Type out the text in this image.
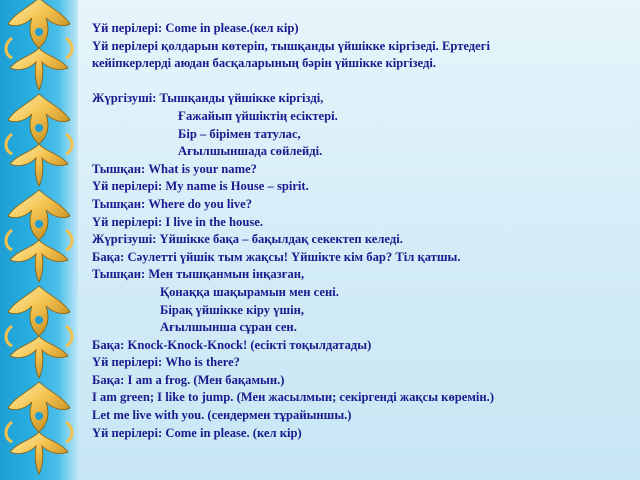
Үй перілері: Come in please.(кел кір)
Үй перілері қолдарын көтеріп, тышқанды үйшікке кіргізеді. Ертедегі
кейіпкерлерді аюдан басқаларының бәрін үйшікке кіргізеді.
Жүргізуші: Тышқанды үйшікке кіргізді,
Ғажайып үйшіктің есіктері.
Бір – бірімен татулас,
Ағылшыншада сөйлейді.
Тышқан: What is your name?
Үй перілері: My name is House – spirit.
Тышқан: Where do you live?
Үй перілері: I live in the house.
Жүргізуші: Үйшікке бақа – бақылдақ секектеп келеді.
Бақа: Сәулетті үйшік тым жақсы! Үйшікте кім бар? Тіл қатшы.
Тышқан: Мен тышқанмын інқазған,
Қонаққа шақырамын мен сені.
Бірақ үйшікке кіру үшін,
Ағылшынша сұран сен.
Бақа: Knock-Knock-Knock! (есікті тоқылдатады)
Үй перілері: Who is there?
Бақа: I am a frog. (Мен бақамын.)
I am green; I like to jump. (Мен жасылмын; секіргенді жақсы көремін.)
Let me live with you. (сендермен тұрайыншы.)
Үй перілері: Come in please. (кел кір)
